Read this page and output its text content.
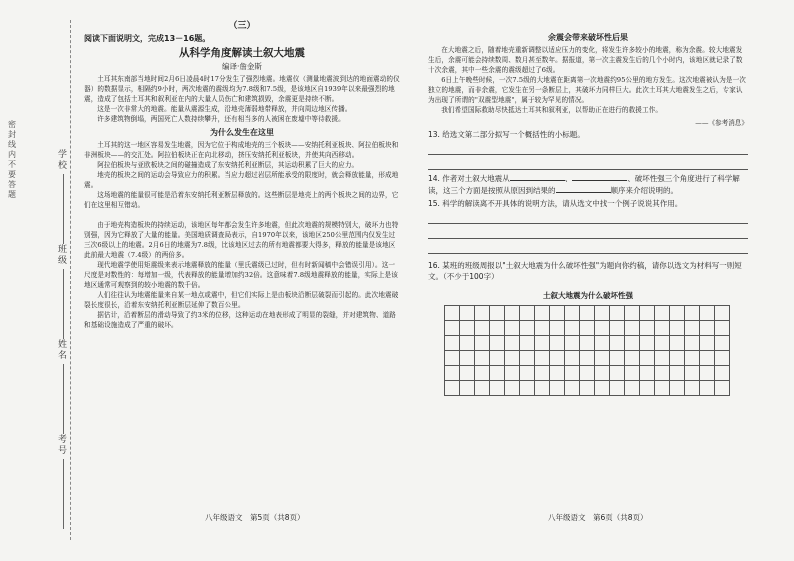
密封线内不要答题
学校
班级
姓名
考号
（三）
阅读下面说明文，完成13－16题。
从科学角度解读土叙大地震
编译·詹金斯

土耳其东南部当地时间2月6日凌晨4时17分发生了强烈地震。地震仪（测量地震波到达的地面震动的仪器）的数据显示，相隔约9小时，两次地震的震级均为7.8级和7.5级，是该地区自1939年以来最强烈的地震，造成了包括土耳其和叙利亚在内的大量人员伤亡和建筑损毁，余震更是持续不断。

这是一次非常大的地震。能量从震源生成，沿地壳薄弱地带释放，并向周边地区传播。

许多建筑物倒塌，两国死亡人数持续攀升，还有相当多的人被困在废墟中等待救援。

为什么发生在这里

土耳其的这一地区容易发生地震，因为它位于构成地壳的三个板块——安纳托利亚板块、阿拉伯板块和非洲板块——的交汇处。阿拉伯板块正在向北移动，挤压安纳托利亚板块，并使其向西移动。

阿拉伯板块与亚欧板块之间的碰撞造成了东安纳托利亚断层，其运动积累了巨大的应力。

地壳的板块之间的运动会导致应力的积累。当应力超过岩层所能承受的限度时，就会释放能量，形成地震。

这场地震的能量很可能是沿着东安纳托利亚断层释放的。这些断层是地壳上的两个板块之间的边界，它们在这里相互错动。

由于地壳构造板块的持续运动，该地区每年都会发生许多地震，但此次地震的规模特别大，破坏力也特别强，因为它释放了大量的能量。美国地质调查局表示，自1970年以来，该地区250公里范围内仅发生过三次6级以上的地震。2月6日的地震为7.8级，比该地区过去的所有地震都要大得多，释放的能量是该地区此前最大地震（7.4级）的两倍多。

现代地震学使用矩震级来表示地震释放的能量（里氏震级已过时，但有时新闻稿中会错误引用）。这一尺度是对数性的：每增加一级，代表释放的能量增加约32倍。这意味着7.8级地震释放的能量，实际上是该地区通常可观察到的较小地震的数千倍。

人们往往认为地震能量来自某一地点或震中，但它们实际上是由板块沿断层破裂而引起的。此次地震破裂长度很长，沿着东安纳托利亚断层延伸了数百公里。

据估计，沿着断层的滑动导致了约3米的位移，这种运动在地表形成了明显的裂缝，并对建筑物、道路和基础设施造成了严重的破坏。

八年级语文　第5页（共8页）
余震会带来破坏性后果

在大地震之后，随着地壳重新调整以适应压力的变化，将发生许多较小的地震，称为余震。较大地震发生后，余震可能会持续数周、数月甚至数年。据报道，第一次主震发生后的几个小时内，该地区就记录了数十次余震，其中一些余震的震级超过了6级。

6日上午晚些时候，一次7.5级的大地震在距离第一次地震约95公里的地方发生。这次地震被认为是一次独立的地震，而非余震，它发生在另一条断层上，其破坏力同样巨大。此次土耳其大地震发生之后，专家认为出现了所谓的"双震型地震"，属于较为罕见的情况。

我们希望国际救助尽快抵达土耳其和叙利亚，以帮助正在进行的救援工作。

——《参考消息》
13. 给选文第二部分拟写一个概括性的小标题。
14. 作者对土叙大地震从	、	、破坏性强三个角度进行了科学解读，这三个方面是按照从原因到结果的	顺序来介绍说明的。
15. 科学的解读离不开具体的说明方法，请从选文中找一个例子说说其作用。
16. 某班的班级周报以"土叙大地震为什么破坏性强"为题向你约稿，请你以选文为材料写一则短文。（不少于100字）
土叙大地震为什么破坏性强

八年级语文　第6页（共8页）
